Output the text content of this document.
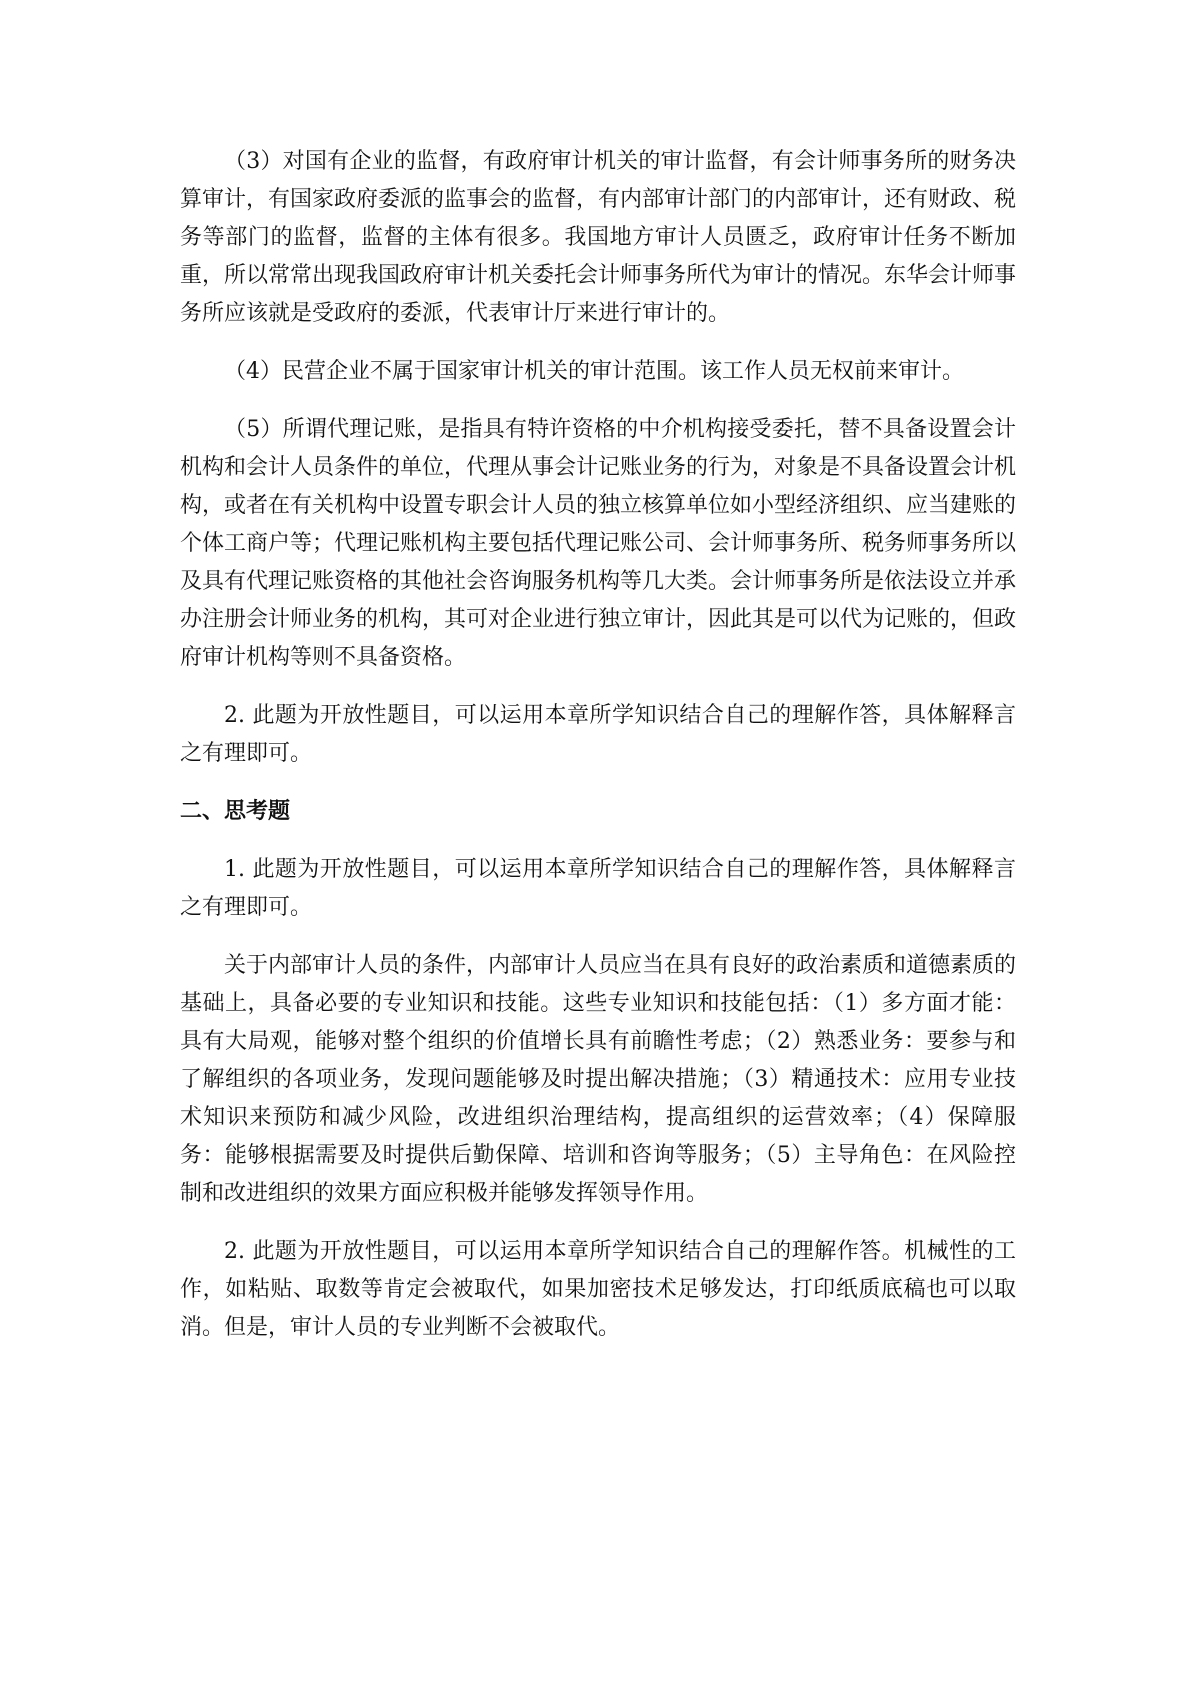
（3）对国有企业的监督，有政府审计机关的审计监督，有会计师事务所的财务决算审计，有国家政府委派的监事会的监督，有内部审计部门的内部审计，还有财政、税务等部门的监督，监督的主体有很多。我国地方审计人员匮乏，政府审计任务不断加重，所以常常出现我国政府审计机关委托会计师事务所代为审计的情况。东华会计师事务所应该就是受政府的委派，代表审计厅来进行审计的。

（4）民营企业不属于国家审计机关的审计范围。该工作人员无权前来审计。

（5）所谓代理记账，是指具有特许资格的中介机构接受委托，替不具备设置会计机构和会计人员条件的单位，代理从事会计记账业务的行为，对象是不具备设置会计机构，或者在有关机构中设置专职会计人员的独立核算单位如小型经济组织、应当建账的个体工商户等；代理记账机构主要包括代理记账公司、会计师事务所、税务师事务所以及具有代理记账资格的其他社会咨询服务机构等几大类。会计师事务所是依法设立并承办注册会计师业务的机构，其可对企业进行独立审计，因此其是可以代为记账的，但政府审计机构等则不具备资格。

2. 此题为开放性题目，可以运用本章所学知识结合自己的理解作答，具体解释言之有理即可。

二、思考题

1. 此题为开放性题目，可以运用本章所学知识结合自己的理解作答，具体解释言之有理即可。

关于内部审计人员的条件，内部审计人员应当在具有良好的政治素质和道德素质的基础上，具备必要的专业知识和技能。这些专业知识和技能包括：（1）多方面才能：具有大局观，能够对整个组织的价值增长具有前瞻性考虑；（2）熟悉业务：要参与和了解组织的各项业务，发现问题能够及时提出解决措施；（3）精通技术：应用专业技术知识来预防和减少风险，改进组织治理结构，提高组织的运营效率；（4）保障服务：能够根据需要及时提供后勤保障、培训和咨询等服务；（5）主导角色：在风险控制和改进组织的效果方面应积极并能够发挥领导作用。

2. 此题为开放性题目，可以运用本章所学知识结合自己的理解作答。机械性的工作，如粘贴、取数等肯定会被取代，如果加密技术足够发达，打印纸质底稿也可以取消。但是，审计人员的专业判断不会被取代。
